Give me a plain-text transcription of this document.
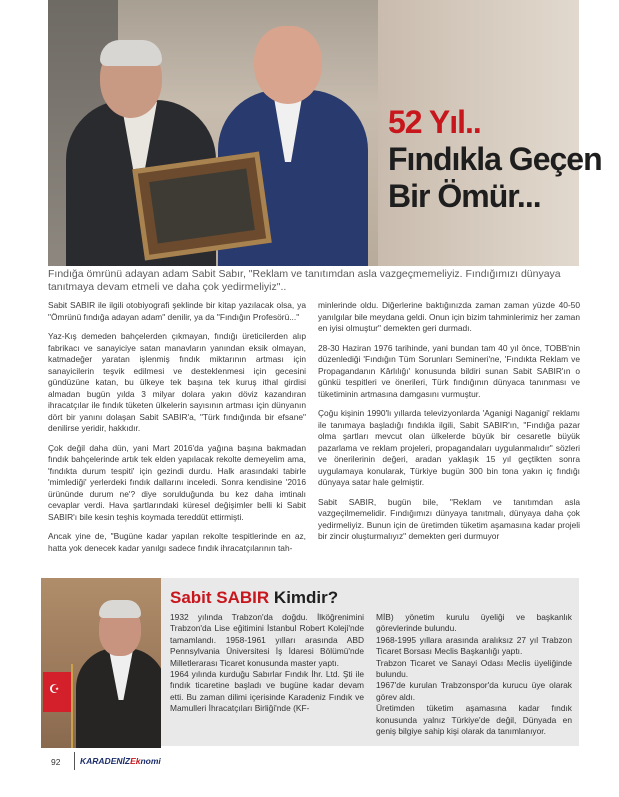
52 Yıl..
Fındıkla Geçen
Bir Ömür...
Fındığa ömrünü adayan adam Sabit Sabır, "Reklam ve tanıtımdan asla vazgeçmemeliyiz. Fındığımızı dünyaya tanıtmaya devam etmeli ve daha çok yedirmeliyiz"..

Sabit SABIR ile ilgili otobiyografi şeklinde bir kitap yazılacak olsa, ya "Ömrünü fındığa adayan adam" denilir, ya da "Fındığın Profesörü..."

Yaz-Kış demeden bahçelerden çıkmayan, fındığı üreticilerden alıp fabrikacı ve sanayiciye satan manavların yanından eksik olmayan, katmadeğer yaratan işlenmiş fındık miktarının artması için sanayicilerin teşvik edilmesi ve desteklenmesi için gecesini gündüzüne katan, bu ülkeye tek başına tek kuruş ithal girdisi almadan bugün yılda 3 milyar dolara yakın döviz kazandıran ihracatçılar ile fındık tüketen ülkelerin sayısının artması için dünyanın dört bir yanını dolaşan Sabit SABIR'a, "Türk fındığında bir efsane" denilirse yeridir, hakkıdır.

Çok değil daha dün, yani Mart 2016'da yağına başına bakmadan fındık bahçelerinde artık tek elden yapılacak rekolte demeyelim ama, 'fındıkta durum tespiti' için gezindi durdu. Halk arasındaki tabirle 'mimlediği' yerlerdeki fındık dallarını inceledi. Sonra kendisine '2016 ürününde durum ne'? diye sorulduğunda bu kez daha imtinalı cevaplar verdi. Hava şartlarındaki küresel değişimler belli ki Sabit SABIR'ı bile kesin teşhis koymada tereddüt ettirmişti.

Ancak yine de, "Bugüne kadar yapılan rekolte tespitlerinde en az, hatta yok denecek kadar yanılgı sadece fındık ihracatçılarının tah-

minlerinde oldu. Diğerlerine baktığınızda zaman zaman yüzde 40-50 yanılgılar bile meydana geldi. Onun için bizim tahminlerimiz her zaman en iyisi olmuştur" demekten geri durmadı.

28-30 Haziran 1976 tarihinde, yani bundan tam 40 yıl önce, TOBB'nin düzenlediği 'Fındığın Tüm Sorunları Semineri'ne, 'Fındıkta Reklam ve Propagandanın Kârlılığı' konusunda bildiri sunan Sabit SABIR'ın o günkü tespitleri ve önerileri, Türk fındığının dünyaca tanınması ve tüketiminin artmasına damgasını vurmuştur.

Çoğu kişinin 1990'lı yıllarda televizyonlarda 'Aganigi Naganigi' reklamı ile tanımaya başladığı fındıkla ilgili, Sabit SABIR'ın, "Fındığa pazar olma şartları mevcut olan ülkelerde büyük bir cesaretle büyük pazarlama ve reklam projeleri, propagandaları uygulanmalıdır" sözleri ve önerilerinin değeri, aradan yaklaşık 15 yıl geçtikten sonra uygulamaya konularak, Türkiye bugün 300 bin tona yakın iç fındığı dünyaya satar hale gelmiştir.

Sabit SABIR, bugün bile, "Reklam ve tanıtımdan asla vazgeçilmemelidir. Fındığımızı dünyaya tanıtmalı, dünyaya daha çok yedirmeliyiz. Bunun için de üretimden tüketim aşamasına kadar projeli bir zincir oluşturmalıyız" demekten geri durmuyor

☪
Sabit SABIR Kimdir?

1932 yılında Trabzon'da doğdu. İlköğrenimini Trabzon'da Lise eğitimini İstanbul Robert Koleji'nde tamamlandı. 1958-1961 yılları arasında ABD Pennsylvania Üniversitesi İş İdaresi Bölümü'nde Milletlerarası Ticaret konusunda master yaptı.

1964 yılında kurduğu Sabırlar Fındık İhr. Ltd. Şti ile fındık ticaretine başladı ve bugüne kadar devam etti. Bu zaman dilimi içerisinde Karadeniz Fındık ve Mamulleri İhracatçıları Birliği'nde (KF-

MİB) yönetim kurulu üyeliği ve başkanlık görevlerinde bulundu.

1968-1995 yıllara arasında aralıksız 27 yıl Trabzon Ticaret Borsası Meclis Başkanlığı yaptı.

Trabzon Ticaret ve Sanayi Odası Meclis üyeliğinde bulundu.

1967'de kurulan Trabzonspor'da kurucu üye olarak görev aldı.

Üretimden tüketim aşamasına kadar fındık konusunda yalnız Türkiye'de değil, Dünyada en geniş bilgiye sahip kişi olarak da tanımlanıyor.

92 KARADENİZEknomi
